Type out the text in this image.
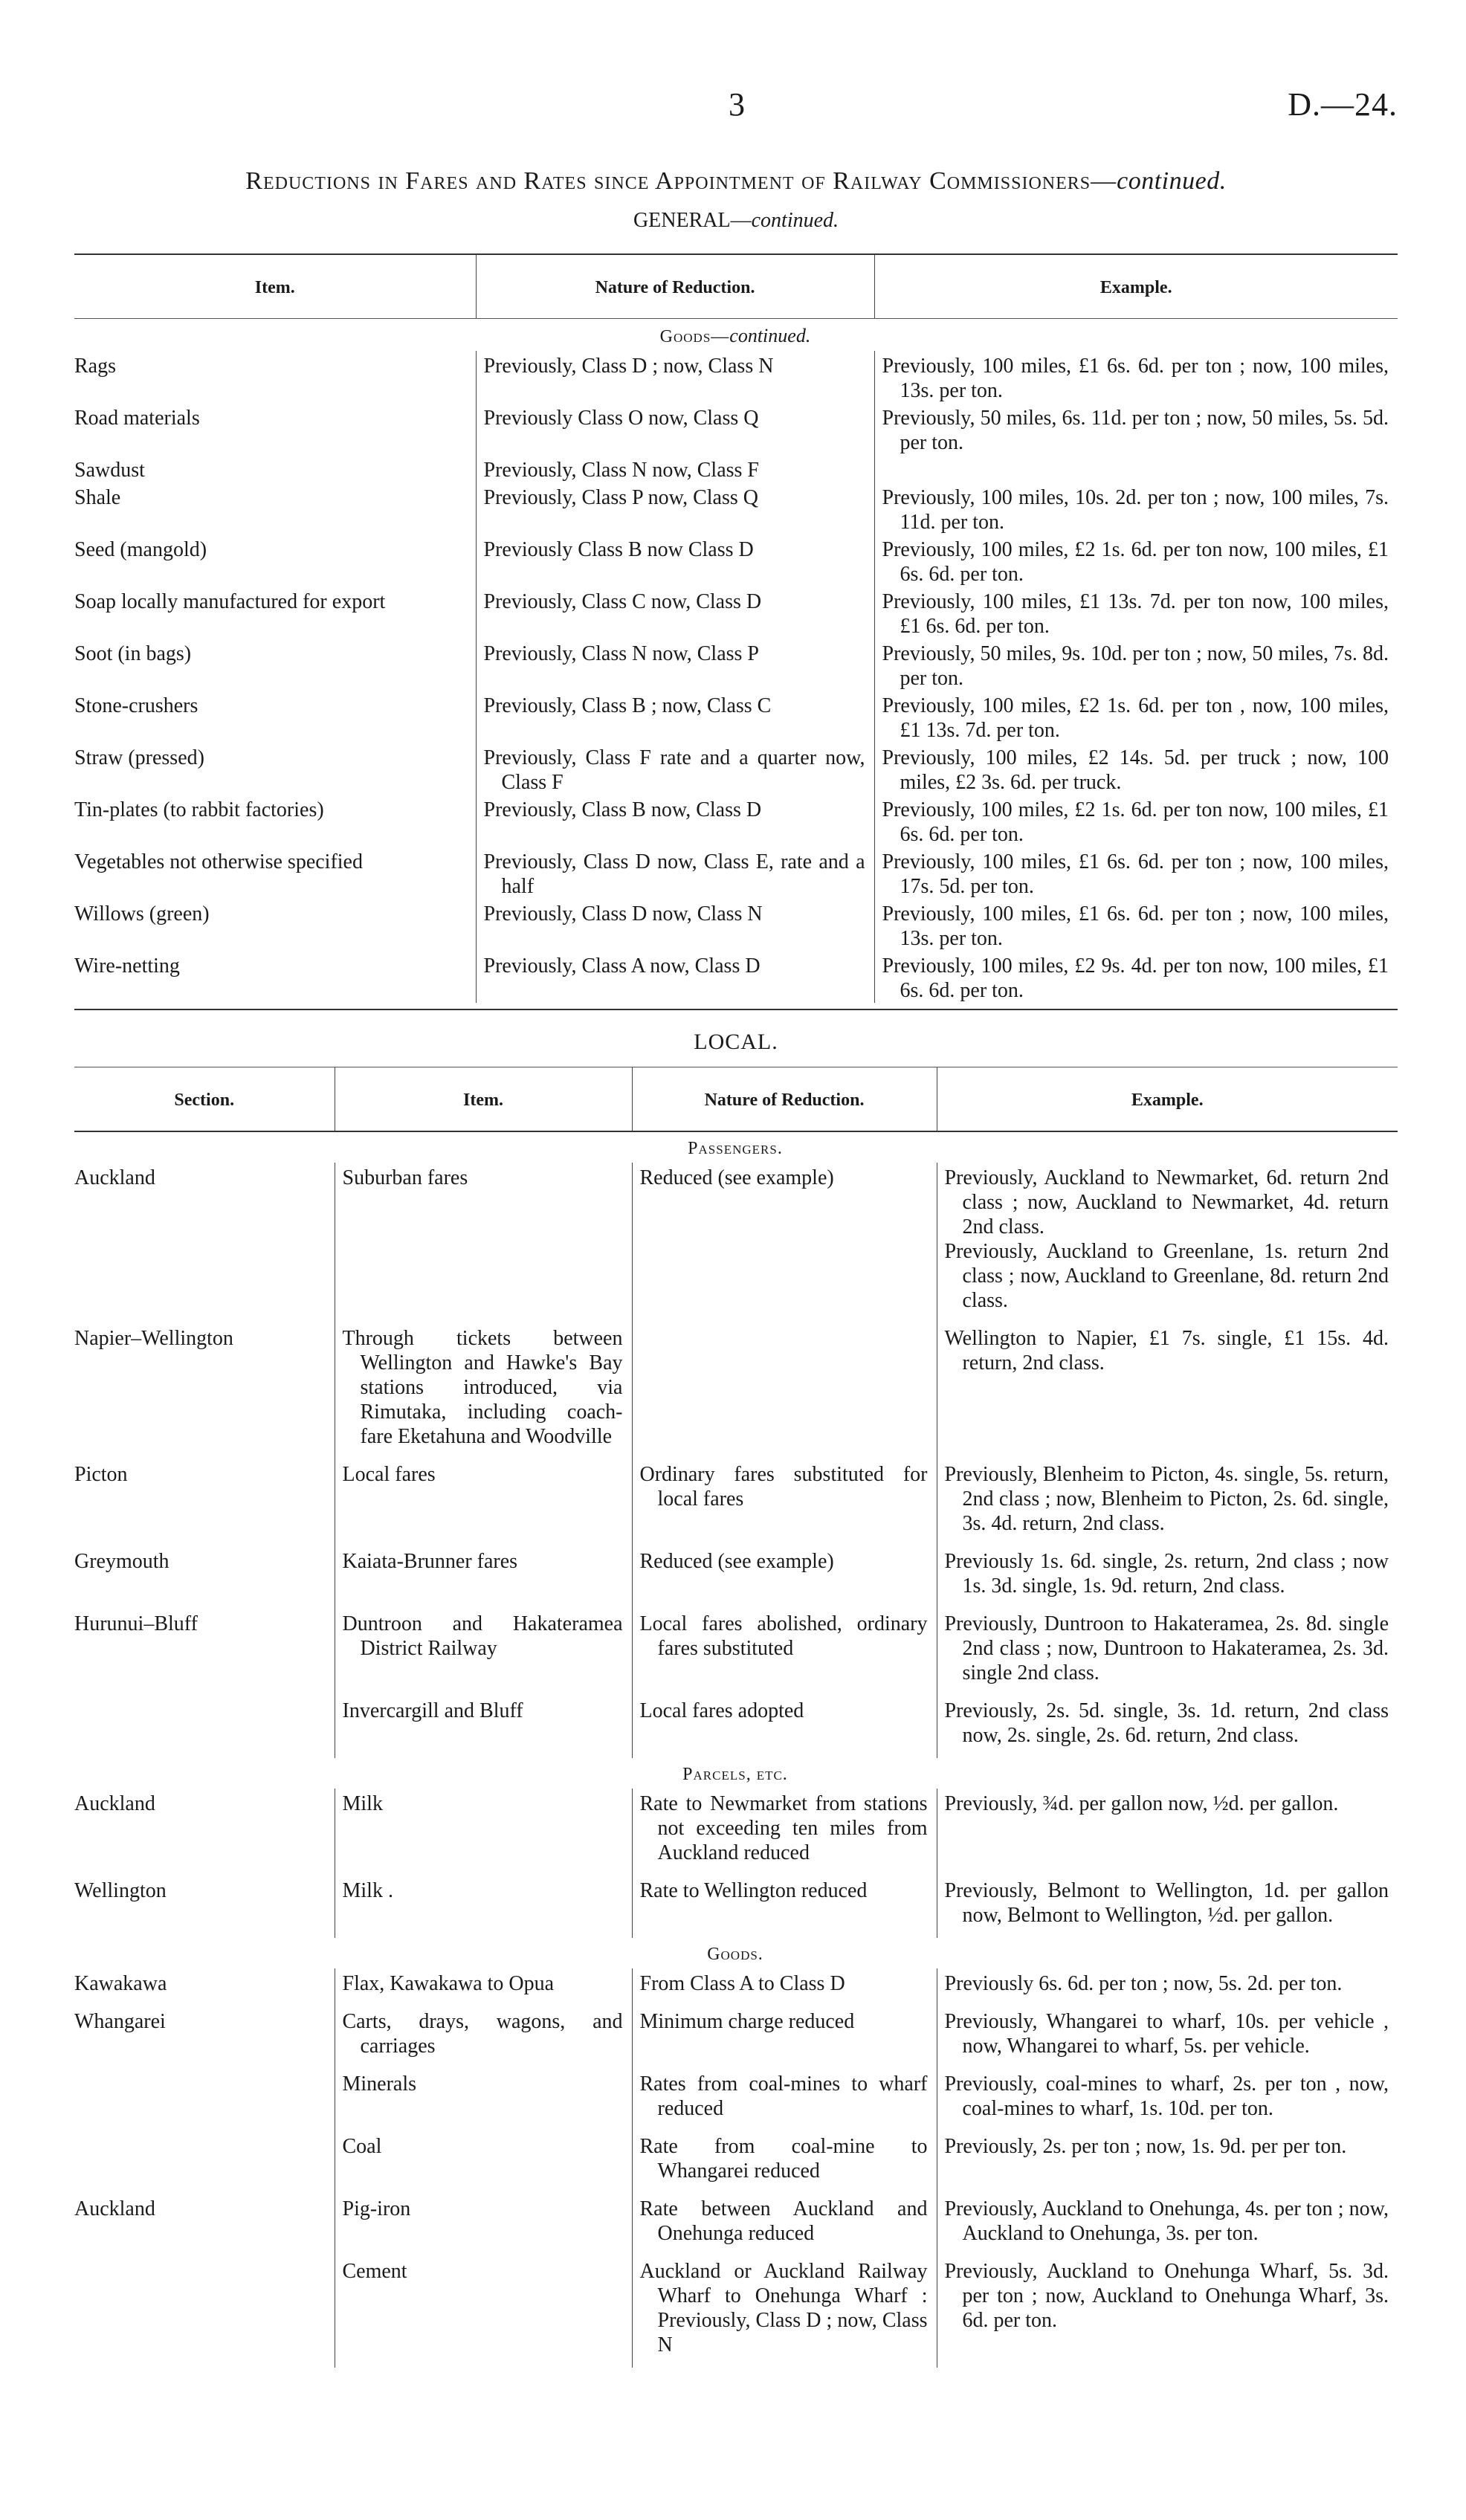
3	D.—24.
Reductions in Fares and Rates since Appointment of Railway Commissioners—continued.
GENERAL—continued.
Item.	Nature of Reduction.	Example.

Goods—continued.		

Rags	Previously, Class D ; now, Class N	Previously, 100 miles, £1 6s. 6d. per ton ; now, 100 miles, 13s. per ton.

Road materials	Previously Class O now, Class Q	Previously, 50 miles, 6s. 11d. per ton ; now, 50 miles, 5s. 5d. per ton.

Sawdust	Previously, Class N now, Class F	

Shale	Previously, Class P now, Class Q	Previously, 100 miles, 10s. 2d. per ton ; now, 100 miles, 7s. 11d. per ton.

Seed (mangold)	Previously Class B now Class D	Previously, 100 miles, £2 1s. 6d. per ton now, 100 miles, £1 6s. 6d. per ton.

Soap locally manufactured for export	Previously, Class C now, Class D	Previously, 100 miles, £1 13s. 7d. per ton now, 100 miles, £1 6s. 6d. per ton.

Soot (in bags)	Previously, Class N now, Class P	Previously, 50 miles, 9s. 10d. per ton ; now, 50 miles, 7s. 8d. per ton.

Stone-crushers	Previously, Class B ; now, Class C	Previously, 100 miles, £2 1s. 6d. per ton , now, 100 miles, £1 13s. 7d. per ton.

Straw (pressed)	Previously, Class F rate and a quarter now, Class F	Previously, 100 miles, £2 14s. 5d. per truck ; now, 100 miles, £2 3s. 6d. per truck.

Tin-plates (to rabbit factories)	Previously, Class B now, Class D	Previously, 100 miles, £2 1s. 6d. per ton now, 100 miles, £1 6s. 6d. per ton.

Vegetables not otherwise specified	Previously, Class D now, Class E, rate and a half	Previously, 100 miles, £1 6s. 6d. per ton ; now, 100 miles, 17s. 5d. per ton.

Willows (green)	Previously, Class D now, Class N	Previously, 100 miles, £1 6s. 6d. per ton ; now, 100 miles, 13s. per ton.

Wire-netting	Previously, Class A now, Class D	Previously, 100 miles, £2 9s. 4d. per ton now, 100 miles, £1 6s. 6d. per ton.
LOCAL.
Section.	Item.	Nature of Reduction.	Example.

Passengers.			

Auckland	Suburban fares	Reduced (see example)	Previously, Auckland to Newmarket, 6d. return 2nd class ; now, Auckland to Newmarket, 4d. return 2nd class.
Previously, Auckland to Greenlane, 1s. return 2nd class ; now, Auckland to Greenlane, 8d. return 2nd class.

Napier–Wellington	Through tickets between Wellington and Hawke's Bay stations introduced, via Rimutaka, including coach-fare Eketahuna and Woodville		Wellington to Napier, £1 7s. single, £1 15s. 4d. return, 2nd class.

Picton	Local fares	Ordinary fares substituted for local fares	Previously, Blenheim to Picton, 4s. single, 5s. return, 2nd class ; now, Blenheim to Picton, 2s. 6d. single, 3s. 4d. return, 2nd class.

Greymouth	Kaiata-Brunner fares	Reduced (see example)	Previously 1s. 6d. single, 2s. return, 2nd class ; now 1s. 3d. single, 1s. 9d. return, 2nd class.

Hurunui–Bluff	Duntroon and Hakateramea District Railway	Local fares abolished, ordinary fares substituted	Previously, Duntroon to Hakateramea, 2s. 8d. single 2nd class ; now, Duntroon to Hakateramea, 2s. 3d. single 2nd class.

	Invercargill and Bluff	Local fares adopted	Previously, 2s. 5d. single, 3s. 1d. return, 2nd class now, 2s. single, 2s. 6d. return, 2nd class.

Parcels, etc.			

Auckland	Milk	Rate to Newmarket from stations not exceeding ten miles from Auckland reduced	Previously, ¾d. per gallon now, ½d. per gallon.

Wellington	Milk .	Rate to Wellington reduced	Previously, Belmont to Wellington, 1d. per gallon now, Belmont to Wellington, ½d. per gallon.

Goods.			

Kawakawa	Flax, Kawakawa to Opua	From Class A to Class D	Previously 6s. 6d. per ton ; now, 5s. 2d. per ton.

Whangarei	Carts, drays, wagons, and carriages	Minimum charge reduced	Previously, Whangarei to wharf, 10s. per vehicle , now, Whangarei to wharf, 5s. per vehicle.

	Minerals	Rates from coal-mines to wharf reduced	Previously, coal-mines to wharf, 2s. per ton , now, coal-mines to wharf, 1s. 10d. per ton.

	Coal	Rate from coal-mine to Whangarei reduced	Previously, 2s. per ton ; now, 1s. 9d. per per ton.

Auckland	Pig-iron	Rate between Auckland and Onehunga reduced	Previously, Auckland to Onehunga, 4s. per ton ; now, Auckland to Onehunga, 3s. per ton.

	Cement	Auckland or Auckland Railway Wharf to Onehunga Wharf : Previously, Class D ; now, Class N	Previously, Auckland to Onehunga Wharf, 5s. 3d. per ton ; now, Auckland to Onehunga Wharf, 3s. 6d. per ton.
